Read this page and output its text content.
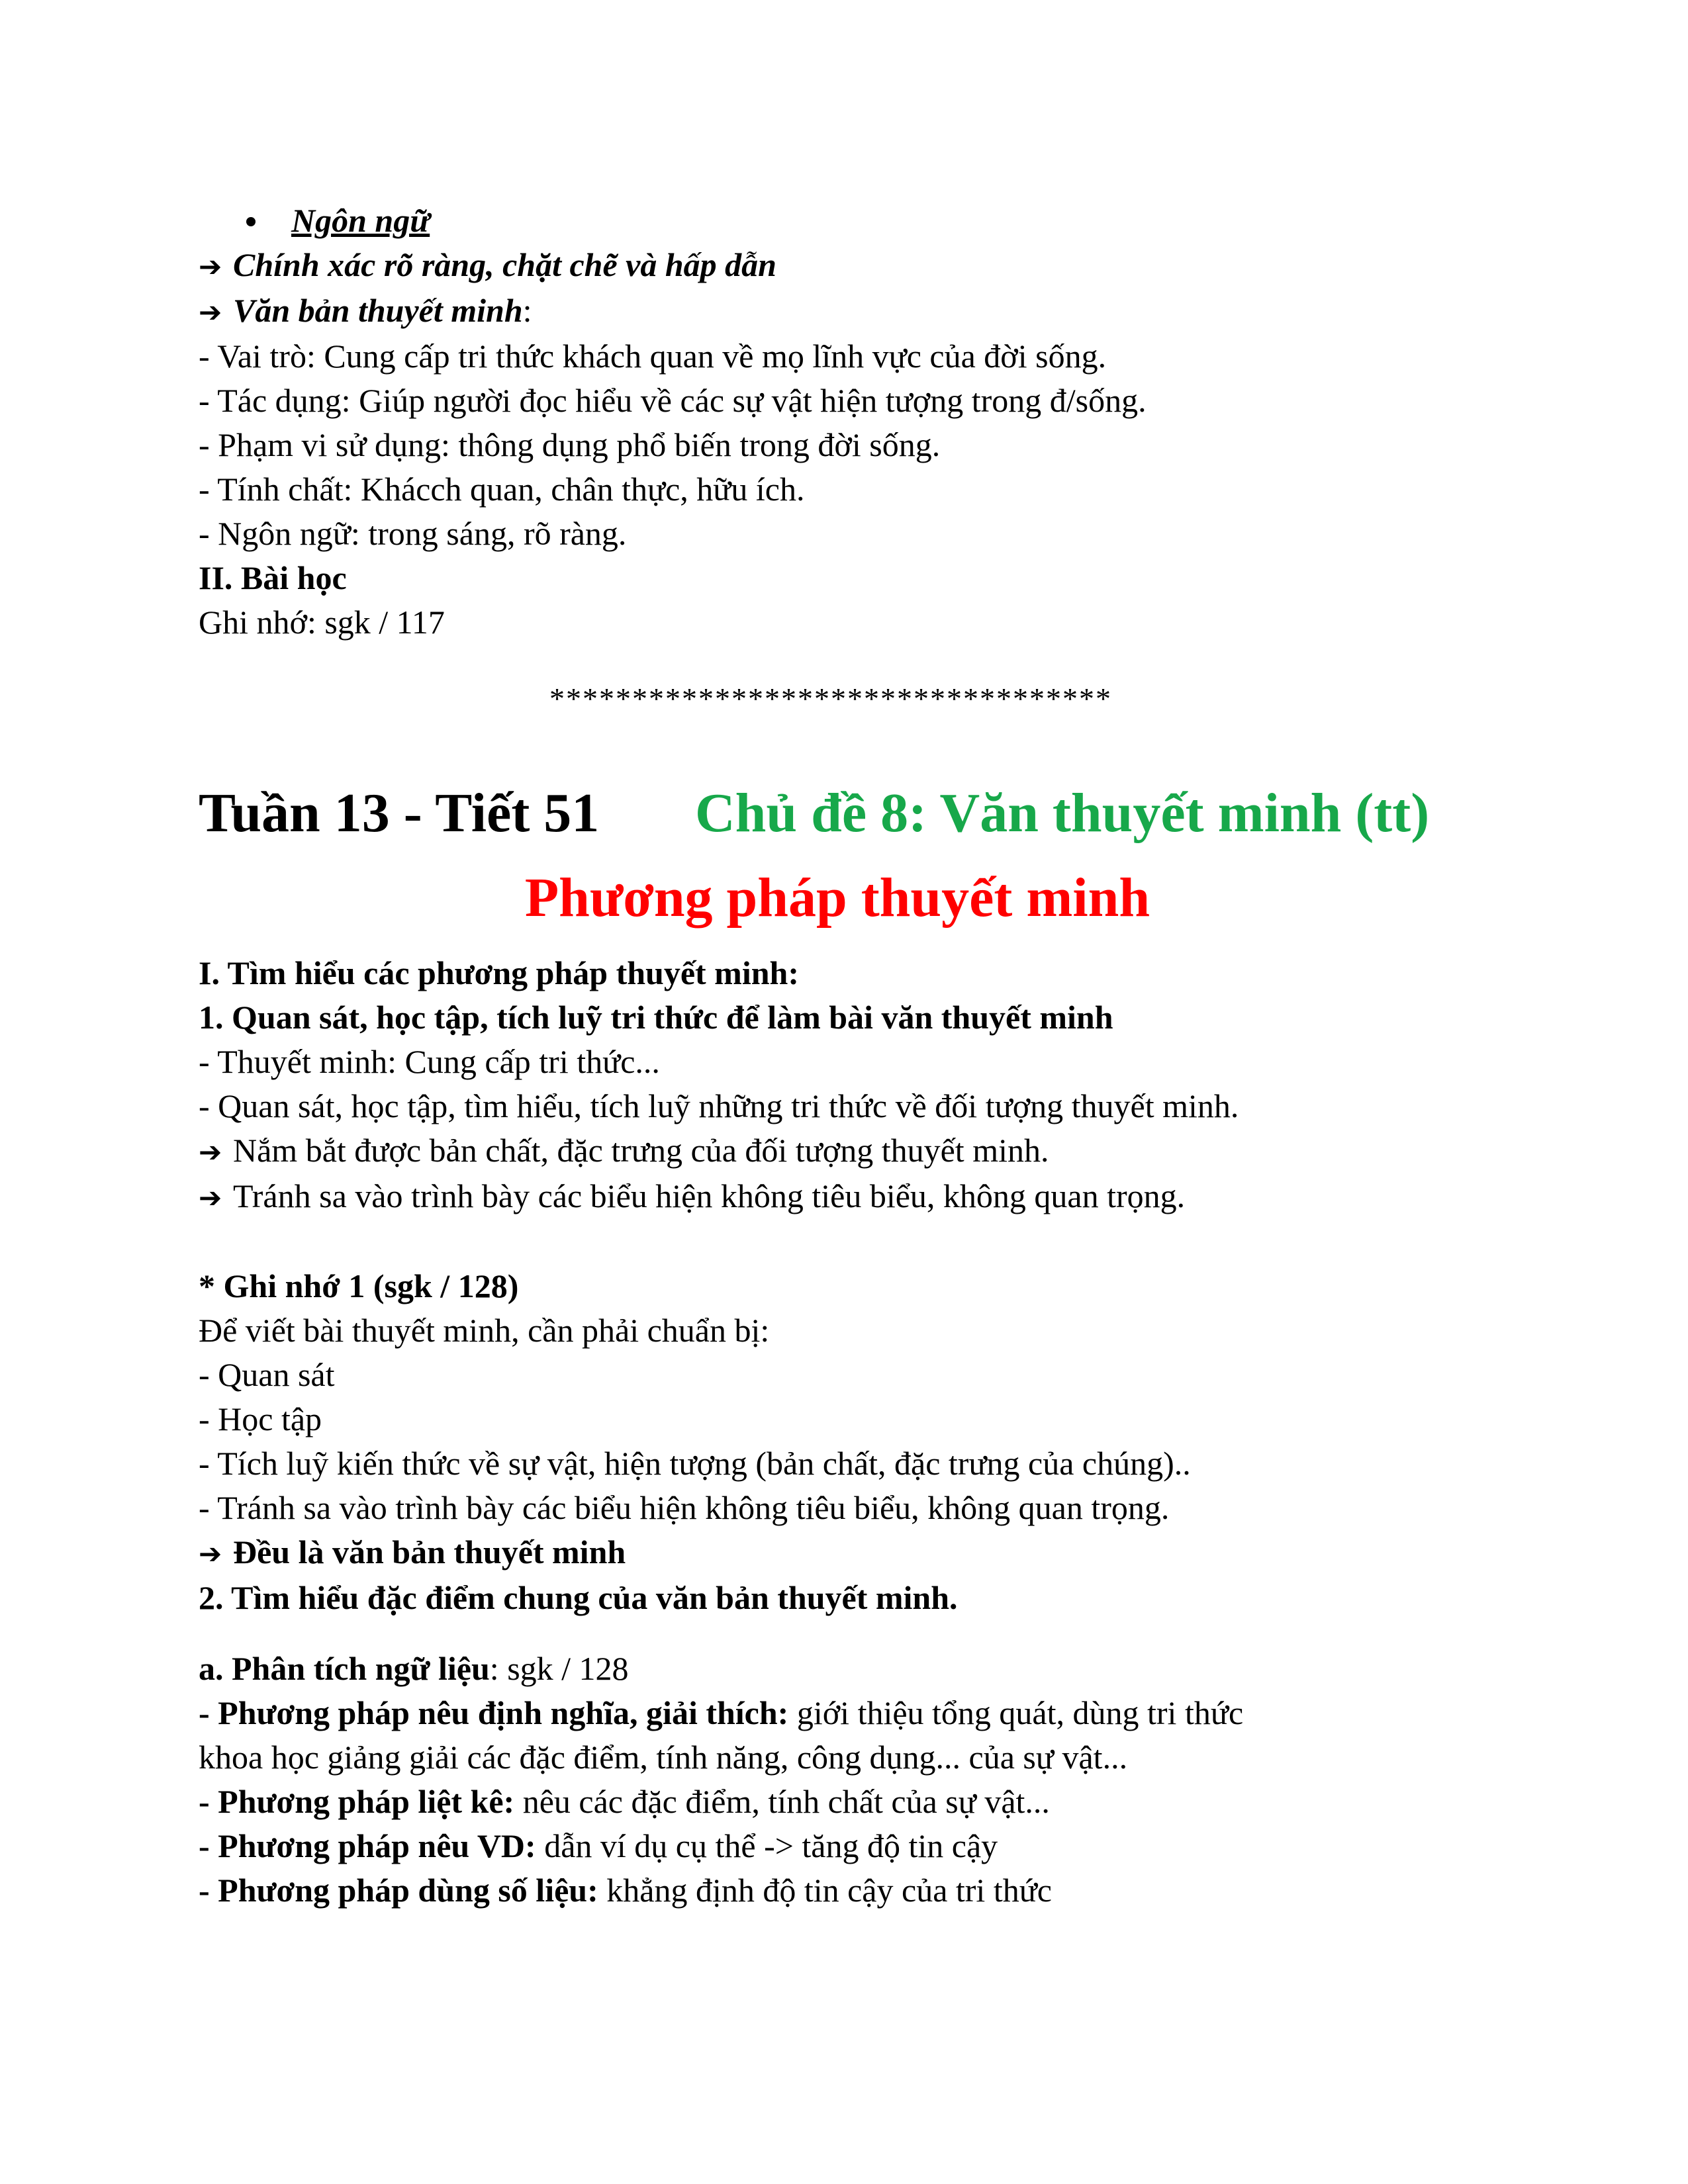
Ngôn ngữ
➔ Chính xác rõ ràng, chặt chẽ và hấp dẫn
➔ Văn bản thuyết minh:
- Vai trò: Cung cấp tri thức khách quan về mọ lĩnh vực của đời sống.
- Tác dụng: Giúp người đọc hiểu về các sự vật hiện tượng trong đ/sống.
- Phạm vi sử dụng: thông dụng phổ biến trong đời sống.
- Tính chất: Khácch quan, chân thực, hữu ích.
- Ngôn ngữ: trong sáng, rõ ràng.
II. Bài học
Ghi nhớ: sgk / 117
**********************************
Tuần 13 - Tiết 51 Chủ đề 8: Văn thuyết minh (tt)
Phương pháp thuyết minh
I. Tìm hiểu các phương pháp thuyết minh:
1. Quan sát, học tập, tích luỹ tri thức để làm bài văn thuyết minh
- Thuyết minh: Cung cấp tri thức...
- Quan sát, học tập, tìm hiểu, tích luỹ những tri thức về đối tượng thuyết minh.
➔ Nắm bắt được bản chất, đặc trưng của đối tượng thuyết minh.
➔ Tránh sa vào trình bày các biểu hiện không tiêu biểu, không quan trọng.
* Ghi nhớ 1 (sgk / 128)
Để viết bài thuyết minh, cần phải chuẩn bị:
- Quan sát
- Học tập
- Tích luỹ kiến thức về sự vật, hiện tượng (bản chất, đặc trưng của chúng)..
- Tránh sa vào trình bày các biểu hiện không tiêu biểu, không quan trọng.
➔ Đều là văn bản thuyết minh
2. Tìm hiểu đặc điểm chung của văn bản thuyết minh.
a. Phân tích ngữ liệu: sgk / 128
- Phương pháp nêu định nghĩa, giải thích: giới thiệu tổng quát, dùng tri thức
khoa học giảng giải các đặc điểm, tính năng, công dụng... của sự vật...
- Phương pháp liệt kê: nêu các đặc điểm, tính chất của sự vật...
- Phương pháp nêu VD: dẫn ví dụ cụ thể -> tăng độ tin cậy
- Phương pháp dùng số liệu: khẳng định độ tin cậy của tri thức
